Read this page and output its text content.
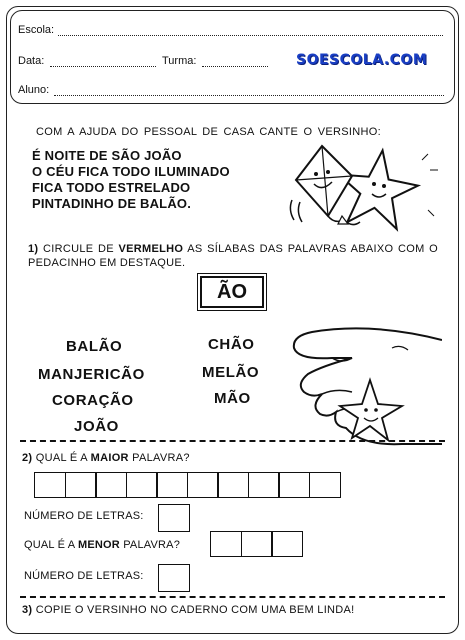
Escola:
Data:	Turma:	SOESCOLA.COM
Aluno:
COM A AJUDA DO PESSOAL DE CASA CANTE O VERSINHO:
É NOITE DE SÃO JOÃO
O CÉU FICA TODO ILUMINADO
FICA TODO ESTRELADO
PINTADINHO DE BALÃO.
1) CIRCULE DE VERMELHO AS SÍLABAS DAS PALAVRAS ABAIXO COM O PEDACINHO EM DESTAQUE.
ÃO
BALÃO
MANJERICÃO
CORAÇÃO
JOÃO
CHÃO
MELÃO
MÃO
2) QUAL É A MAIOR PALAVRA?
NÚMERO DE LETRAS:
QUAL É A MENOR PALAVRA?
NÚMERO DE LETRAS:
3) COPIE O VERSINHO NO CADERNO COM UMA BEM LINDA!
